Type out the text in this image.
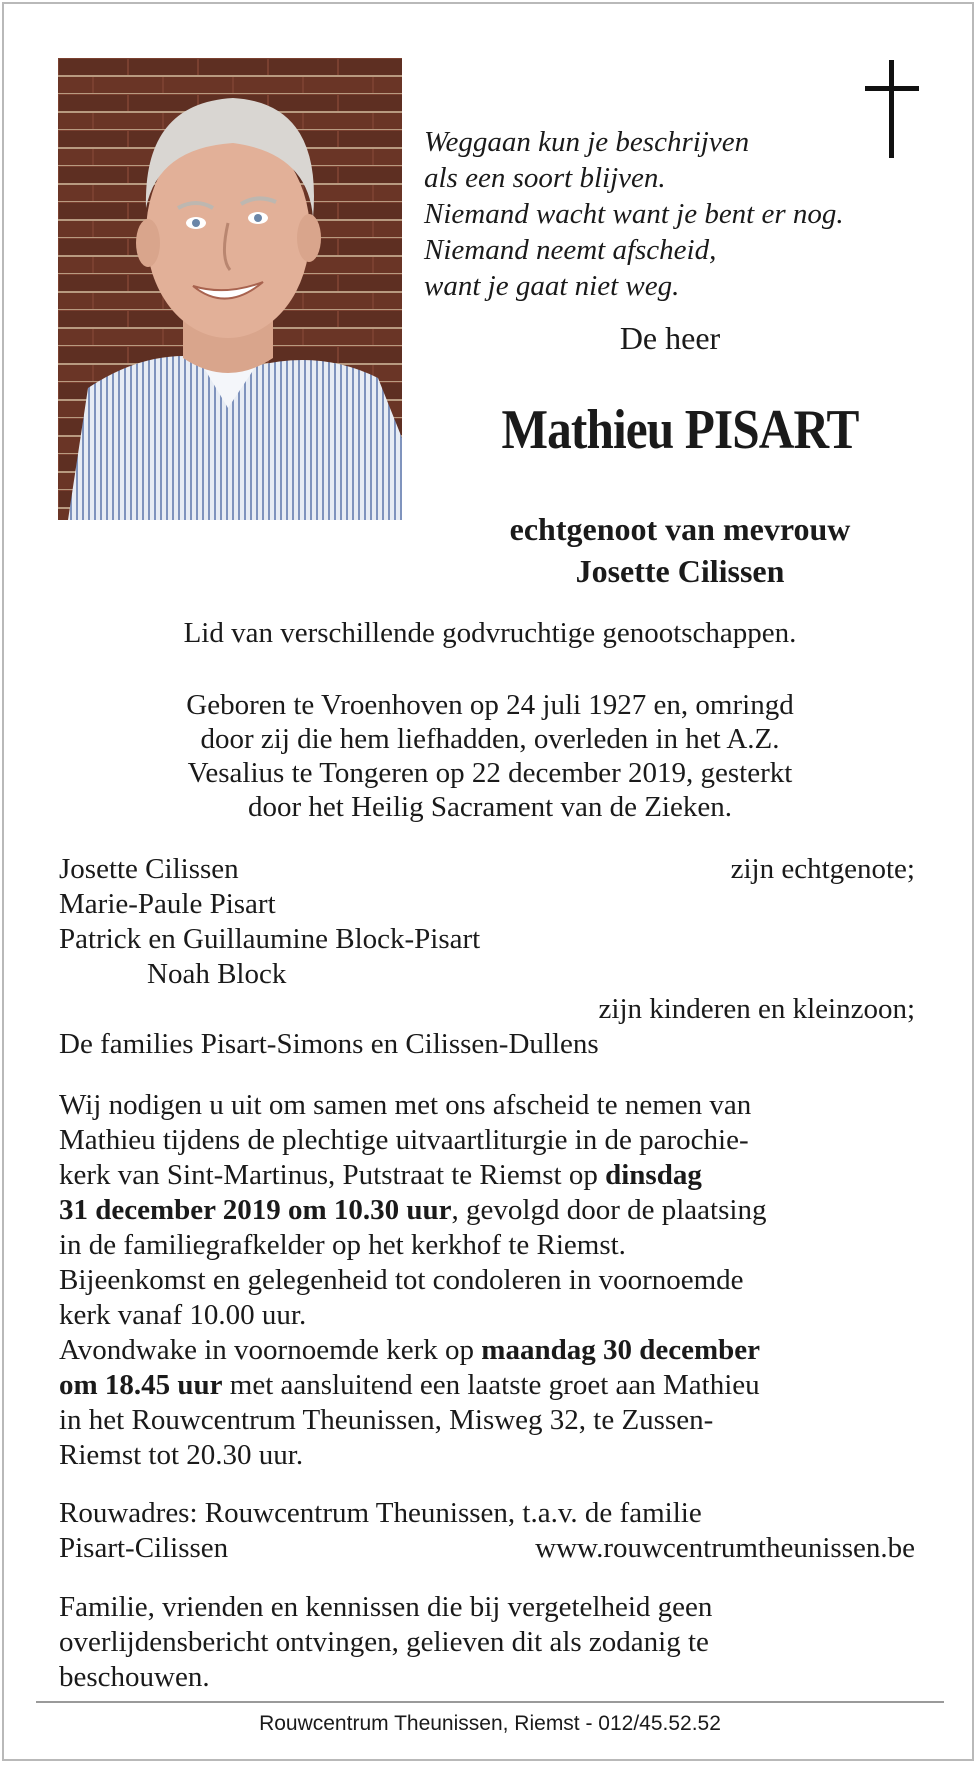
Weggaan kun je beschrijven
als een soort blijven.
Niemand wacht want je bent er nog.
Niemand neemt afscheid,
want je gaat niet weg.
De heer
Mathieu PISART
echtgenoot van mevrouw
Josette Cilissen
Lid van verschillende godvruchtige genootschappen.
Geboren te Vroenhoven op 24 juli 1927 en, omringd
door zij die hem liefhadden, overleden in het A.Z.
Vesalius te Tongeren op 22 december 2019, gesterkt
door het Heilig Sacrament van de Zieken.
Josette Cilissen	zijn echtgenote;
Marie-Paule Pisart
Patrick en Guillaumine Block-Pisart
Noah Block
zijn kinderen en kleinzoon;
De families Pisart-Simons en Cilissen-Dullens
Wij nodigen u uit om samen met ons afscheid te nemen van
Mathieu tijdens de plechtige uitvaartliturgie in de parochie-
kerk van Sint-Martinus, Putstraat te Riemst op dinsdag
31 december 2019 om 10.30 uur, gevolgd door de plaatsing
in de familiegrafkelder op het kerkhof te Riemst.
Bijeenkomst en gelegenheid tot condoleren in voornoemde
kerk vanaf 10.00 uur.
Avondwake in voornoemde kerk op maandag 30 december
om 18.45 uur met aansluitend een laatste groet aan Mathieu
in het Rouwcentrum Theunissen, Misweg 32, te Zussen-
Riemst tot 20.30 uur.
Rouwadres: Rouwcentrum Theunissen, t.a.v. de familie
Pisart-Cilissen	www.rouwcentrumtheunissen.be
Familie, vrienden en kennissen die bij vergetelheid geen
overlijdensbericht ontvingen, gelieven dit als zodanig te
beschouwen.
Rouwcentrum Theunissen, Riemst - 012/45.52.52
